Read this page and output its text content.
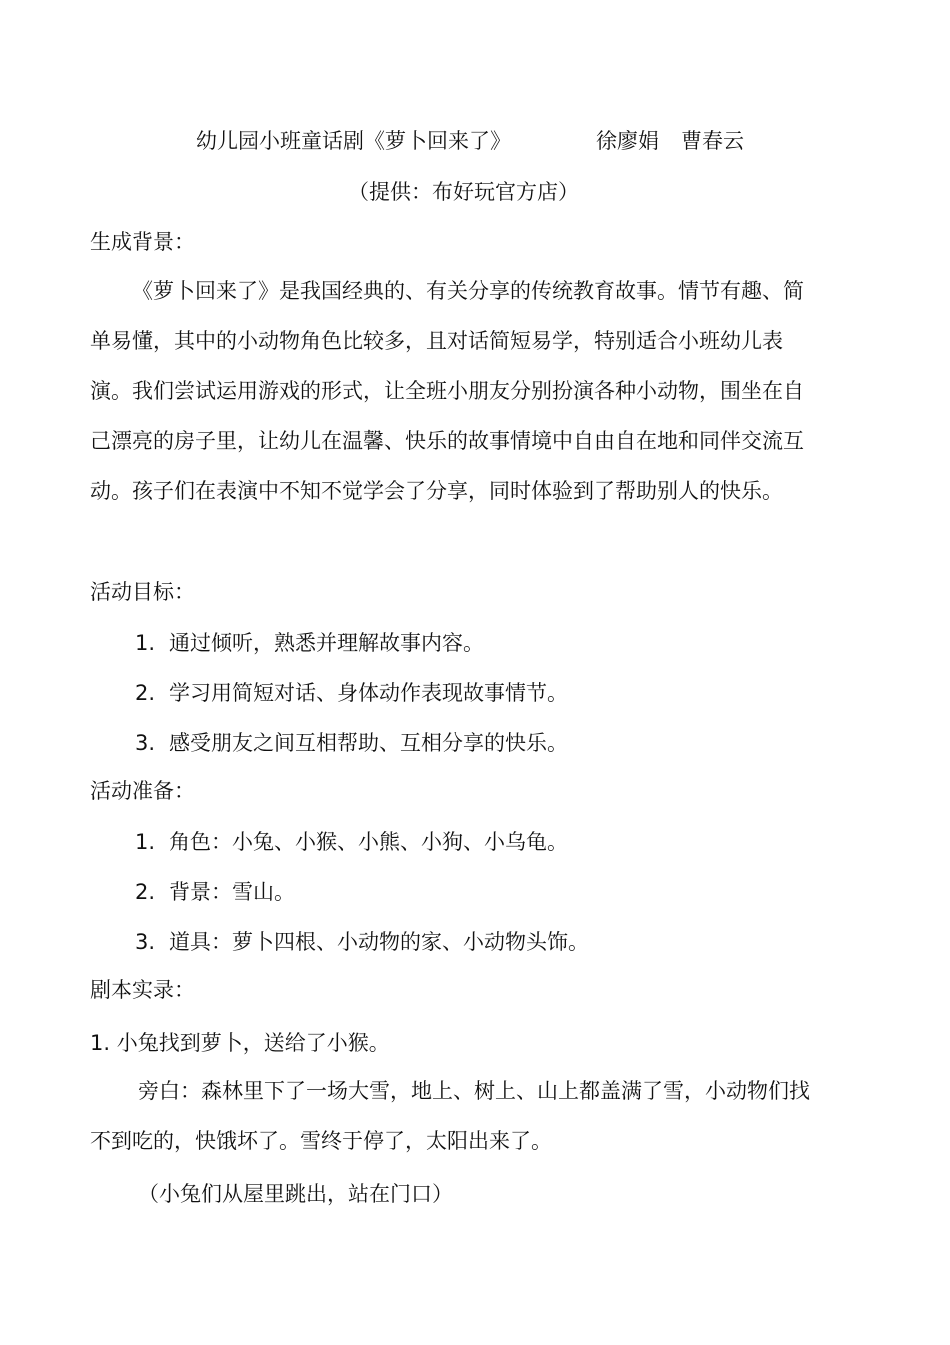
幼儿园小班童话剧《萝卜回来了》	徐廖娟 曹春云
（提供：布好玩官方店）
生成背景：
《萝卜回来了》是我国经典的、有关分享的传统教育故事。情节有趣、简单易懂，其中的小动物角色比较多，且对话简短易学，特别适合小班幼儿表演。我们尝试运用游戏的形式，让全班小朋友分别扮演各种小动物，围坐在自己漂亮的房子里，让幼儿在温馨、快乐的故事情境中自由自在地和同伴交流互动。孩子们在表演中不知不觉学会了分享，同时体验到了帮助别人的快乐。
活动目标：
1. 通过倾听，熟悉并理解故事内容。
2. 学习用简短对话、身体动作表现故事情节。
3. 感受朋友之间互相帮助、互相分享的快乐。
活动准备：
1. 角色：小兔、小猴、小熊、小狗、小乌龟。
2. 背景：雪山。
3. 道具：萝卜四根、小动物的家、小动物头饰。
剧本实录：
1. 小兔找到萝卜，送给了小猴。
旁白：森林里下了一场大雪，地上、树上、山上都盖满了雪，小动物们找不到吃的，快饿坏了。雪终于停了，太阳出来了。
（小兔们从屋里跳出，站在门口）
